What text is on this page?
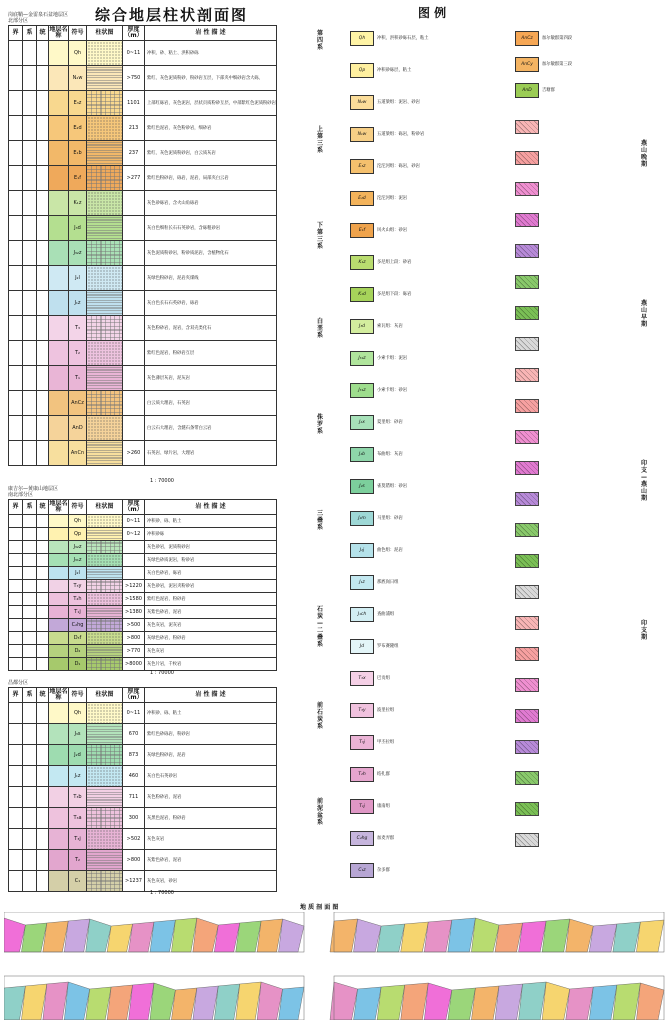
综合地层柱状剖面图	图 例
岗底鞘—金雷泉石盆地层区
北部分区
界	系	统	地层名称	符号	柱状图	厚度（m）	岩 性 描 述
				Qh		0~11	冲积、砂、粘土、洪积砂砾
				N₂w		>750	紫红、灰色泥质粉砂、粉砂岩互层，下部夹中细砂岩含大砾、
				E₃z		1101	上部红砾岩，灰色泥岩，层状页质粉砂互层，中部紫红色泥质粉砂岩
				E₂d		213	紫红色泥岩，灰色粉砂岩，细砂岩
				E₁b		237	紫红、灰色泥质粉砂岩，白云质灰岩
				E₁f		>277	紫红色粉砂岩，砾岩，泥岩，局部夹白云岩
				K₁z			灰色砂砾岩，含火山角砾岩
				J₃d			灰白色细粒长石石英砂岩，含砾粗砂岩
				J₃₂z			灰色泥质粉砂岩，粉砂质泥岩，含植物化石
				J₂l			灰绿色粉砂岩，泥岩夹煤线
				J₁z			灰白色长石石英砂岩，砾岩
				T₃			灰色粉砂岩，泥岩，含双壳类化石
				T₂			紫红色泥岩，粉砂岩互层
				T₁			灰色薄层灰岩，泥灰岩
				AnCz			白云质大理岩，石英岩
				AnD			白云石大理岩，含燧石条带白云岩
				AnCn		>260	石英岩、绿片岩，大理岩
1 : 70000
康吉尔—黄康山地层区
南北部分区
界	系	统	地层名称	符号	柱状图	厚度（m）	岩 性 描 述
				Qh		0~11	冲积砂、砾、粘土
				Qp		0~12	冲积砂砾
				J₃₂z			灰色砂岩，泥质粉砂岩
				J₃₁z			灰绿色砂质泥岩，粉砂岩
				J₂l			灰白色砂岩，砾岩
				T₃y		>1220	灰色砂岩，泥岩夹粉砂岩
				T₂h		>1580	紫红色泥岩，粉砂岩
				T₁j		>1380	灰紫色砂岩，泥岩
				C₂hg		>500	灰色灰岩，泥灰岩
				D₃f		>800	灰绿色砂岩，粉砂岩
				D₂		>770	灰色灰岩
				D₁		>8000	灰色片岩，千枚岩
1 : 70000
昌都分区
界	系	统	地层名称	符号	柱状图	厚度（m）	岩 性 描 述
				Qh		0~11	冲积砂、砾、粘土
				J₃s		670	紫红色砂砾岩，粉砂岩
				J₂d		873	灰绿色粉砂岩，泥岩
				J₁z		460	灰白色石英砂岩
				T₃b		711	灰色粉砂岩，泥岩
				T₃a		300	灰黑色泥岩，粉砂岩
				T₃j		>502	灰色灰岩
				T₂		>800	灰紫色砂岩，泥岩
				C₁		>1237	灰色灰岩，砂岩
1 : 70000
Qh	冲积、洪积砂砾石层，粘土
Qp	冲积砂砾层，粘土
N₂w	五道梁组：泥岩、砂岩
N₁w	五道梁组：砾岩，粉砂岩
E₃z	沱沱河组：砾岩，砂岩
E₂d	沱沱河组：泥岩
E₁f	风火山组：砂岩
K₁z	多尼组上段：砂岩
K₁d	多尼组下段：砾岩
J₃d	索瓦组：灰岩
J₃₂z	小索卡组：泥岩
J₃₁z	小索卡组：砂岩
J₂x	夏里组：砂岩
J₂b	布曲组：灰岩
J₂s	雀莫错组：砂岩
J₂m	马里组：砂岩
J₂j	曲色组：泥岩
J₁z	那底岗日组
J₁ch	查曲浦组
Jd	罗布赛隆组
T₃x	巴贡组
T₃y	波里拉组
T₃j	甲丕拉组
T₂h	结扎群
T₁j	康南组
C₂hg	加麦弄群
C₁z	杂多群
第四系
上第三系
下第三系
白垩系
侏罗系
三叠系
石炭—二叠系
前石炭系
前泥盆系
AnCz	加尔敏群第四段
AnCy	加尔敏群第三段
AnD	吉塘群
燕山晚期
燕山早期
印支—燕山期
印支期
地 质 剖 面 图
